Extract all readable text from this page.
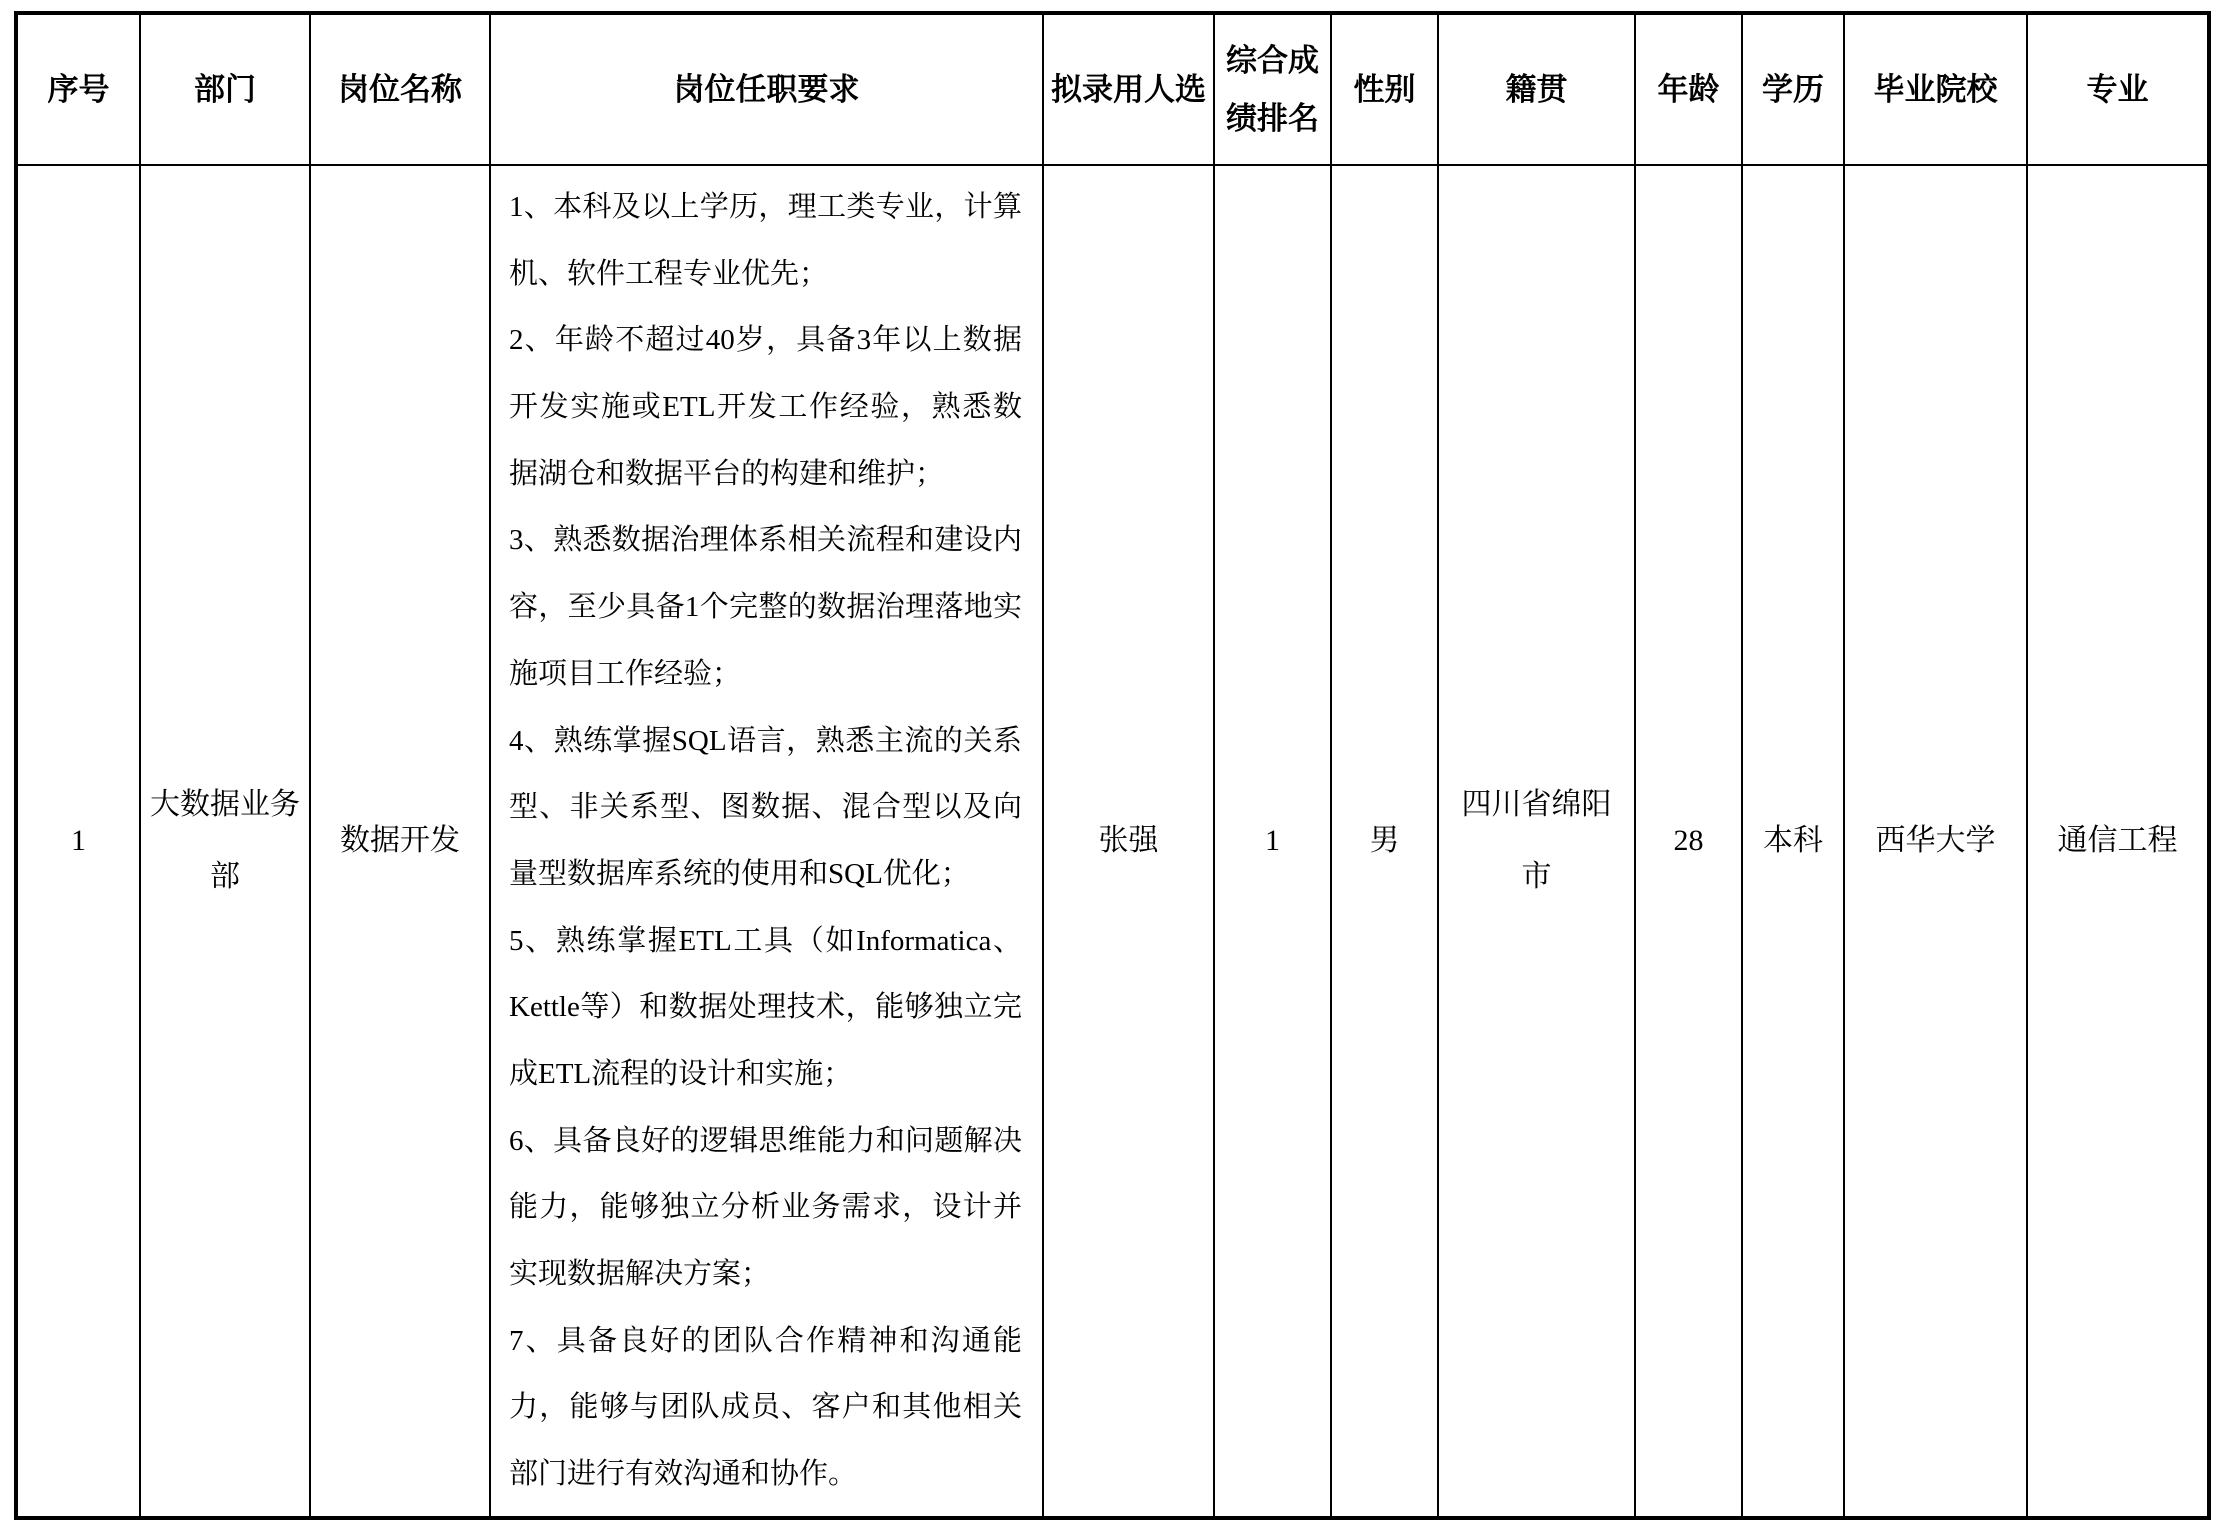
序号	部门	岗位名称	岗位任职要求	拟录用人选	综合成绩排名	性别	籍贯	年龄	学历	毕业院校	专业
1	大数据业务部	数据开发	

1、本科及以上学历，理工类专业，计算机、软件工程专业优先；

2、年龄不超过40岁，具备3年以上数据开发实施或ETL开发工作经验，熟悉数据湖仓和数据平台的构建和维护；

3、熟悉数据治理体系相关流程和建设内容，至少具备1个完整的数据治理落地实施项目工作经验；

4、熟练掌握SQL语言，熟悉主流的关系型、非关系型、图数据、混合型以及向量型数据库系统的使用和SQL优化；

5、熟练掌握ETL工具（如Informatica、Kettle等）和数据处理技术，能够独立完成ETL流程的设计和实施；

6、具备良好的逻辑思维能力和问题解决能力，能够独立分析业务需求，设计并实现数据解决方案；

7、具备良好的团队合作精神和沟通能力，能够与团队成员、客户和其他相关部门进行有效沟通和协作。

	张强	1	男	四川省绵阳市	28	本科	西华大学	通信工程
